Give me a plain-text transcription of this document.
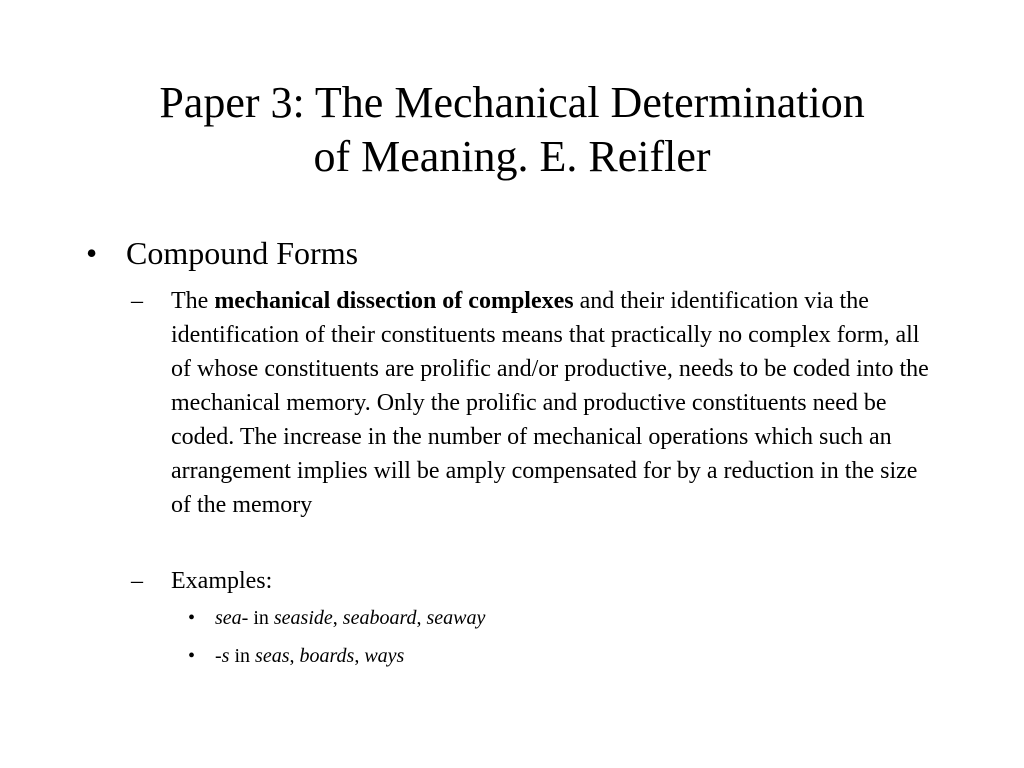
Paper 3: The Mechanical Determination
of Meaning. E. Reifler
• Compound Forms
– The mechanical dissection of complexes and their identification via the identification of their constituents means that practically no complex form, all of whose constituents are prolific and/or productive, needs to be coded into the mechanical memory. Only the prolific and productive constituents need be coded. The increase in the number of mechanical operations which such an arrangement implies will be amply compensated for by a reduction in the size of the memory
– Examples:
• sea- in seaside, seaboard, seaway
• -s in seas, boards, ways
